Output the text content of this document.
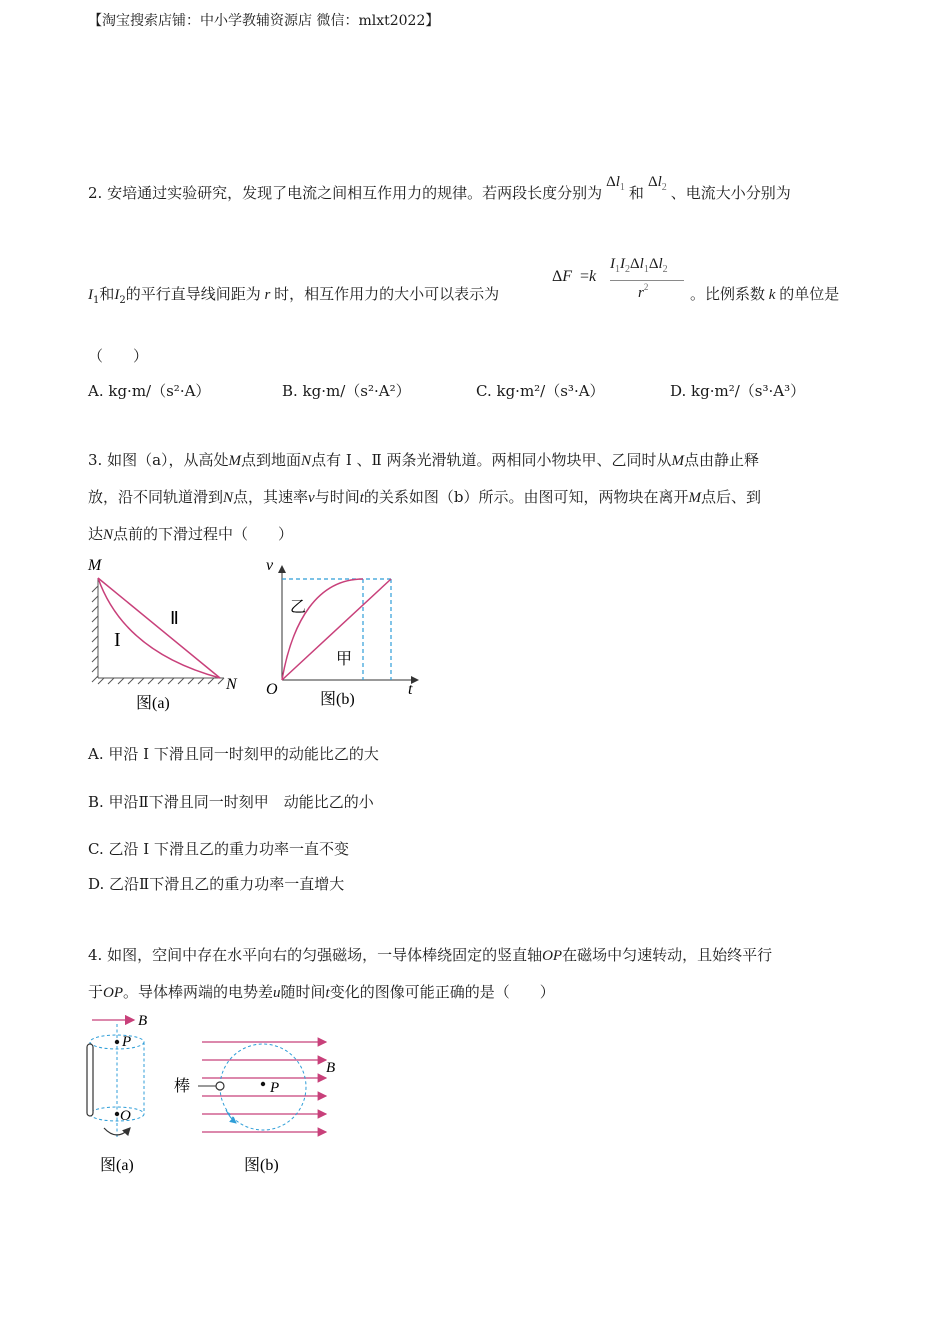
【淘宝搜索店铺：中小学教辅资源店 微信：mlxt2022】
2. 安培通过实验研究，发现了电流之间相互作用力的规律。若两段长度分别为$\Delta l_1$ 和$\Delta l_2$ 、电流大小分别为
$I_1$和$I_2$的平行直导线间距为 r 时，相互作用力的大小可以表示为
ΔF =k
$I_1I_2\Delta l_1\Delta l_2$
$r^2$	。比例系数 k 的单位是
（　　）
A. kg·m/（s²·A）	B. kg·m/（s²·A²）	C. kg·m²/（s³·A）	D. kg·m²/（s³·A³）
3. 如图（a），从高处M点到地面N点有 Ⅰ 、Ⅱ 两条光滑轨道。两相同小物块甲、乙同时从M点由静止释
放，沿不同轨道滑到N点，其速率v与时间t的关系如图（b）所示。由图可知，两物块在离开M点后、到
达N点前的下滑过程中（　　）
M
N
I
Ⅱ
图(a)
v
t
O
乙
甲
图(b)
A. 甲沿 I 下滑且同一时刻甲的动能比乙的大
B. 甲沿Ⅱ下滑且同一时刻甲　动能比乙的小
C. 乙沿 I 下滑且乙的重力功率一直不变
D. 乙沿Ⅱ下滑且乙的重力功率一直增大
4. 如图，空间中存在水平向右的匀强磁场，一导体棒绕固定的竖直轴OP在磁场中匀速转动，且始终平行
于OP。导体棒两端的电势差u随时间t变化的图像可能正确的是（　　）
B
P
O
图(a)
棒	P
B
图(b)
